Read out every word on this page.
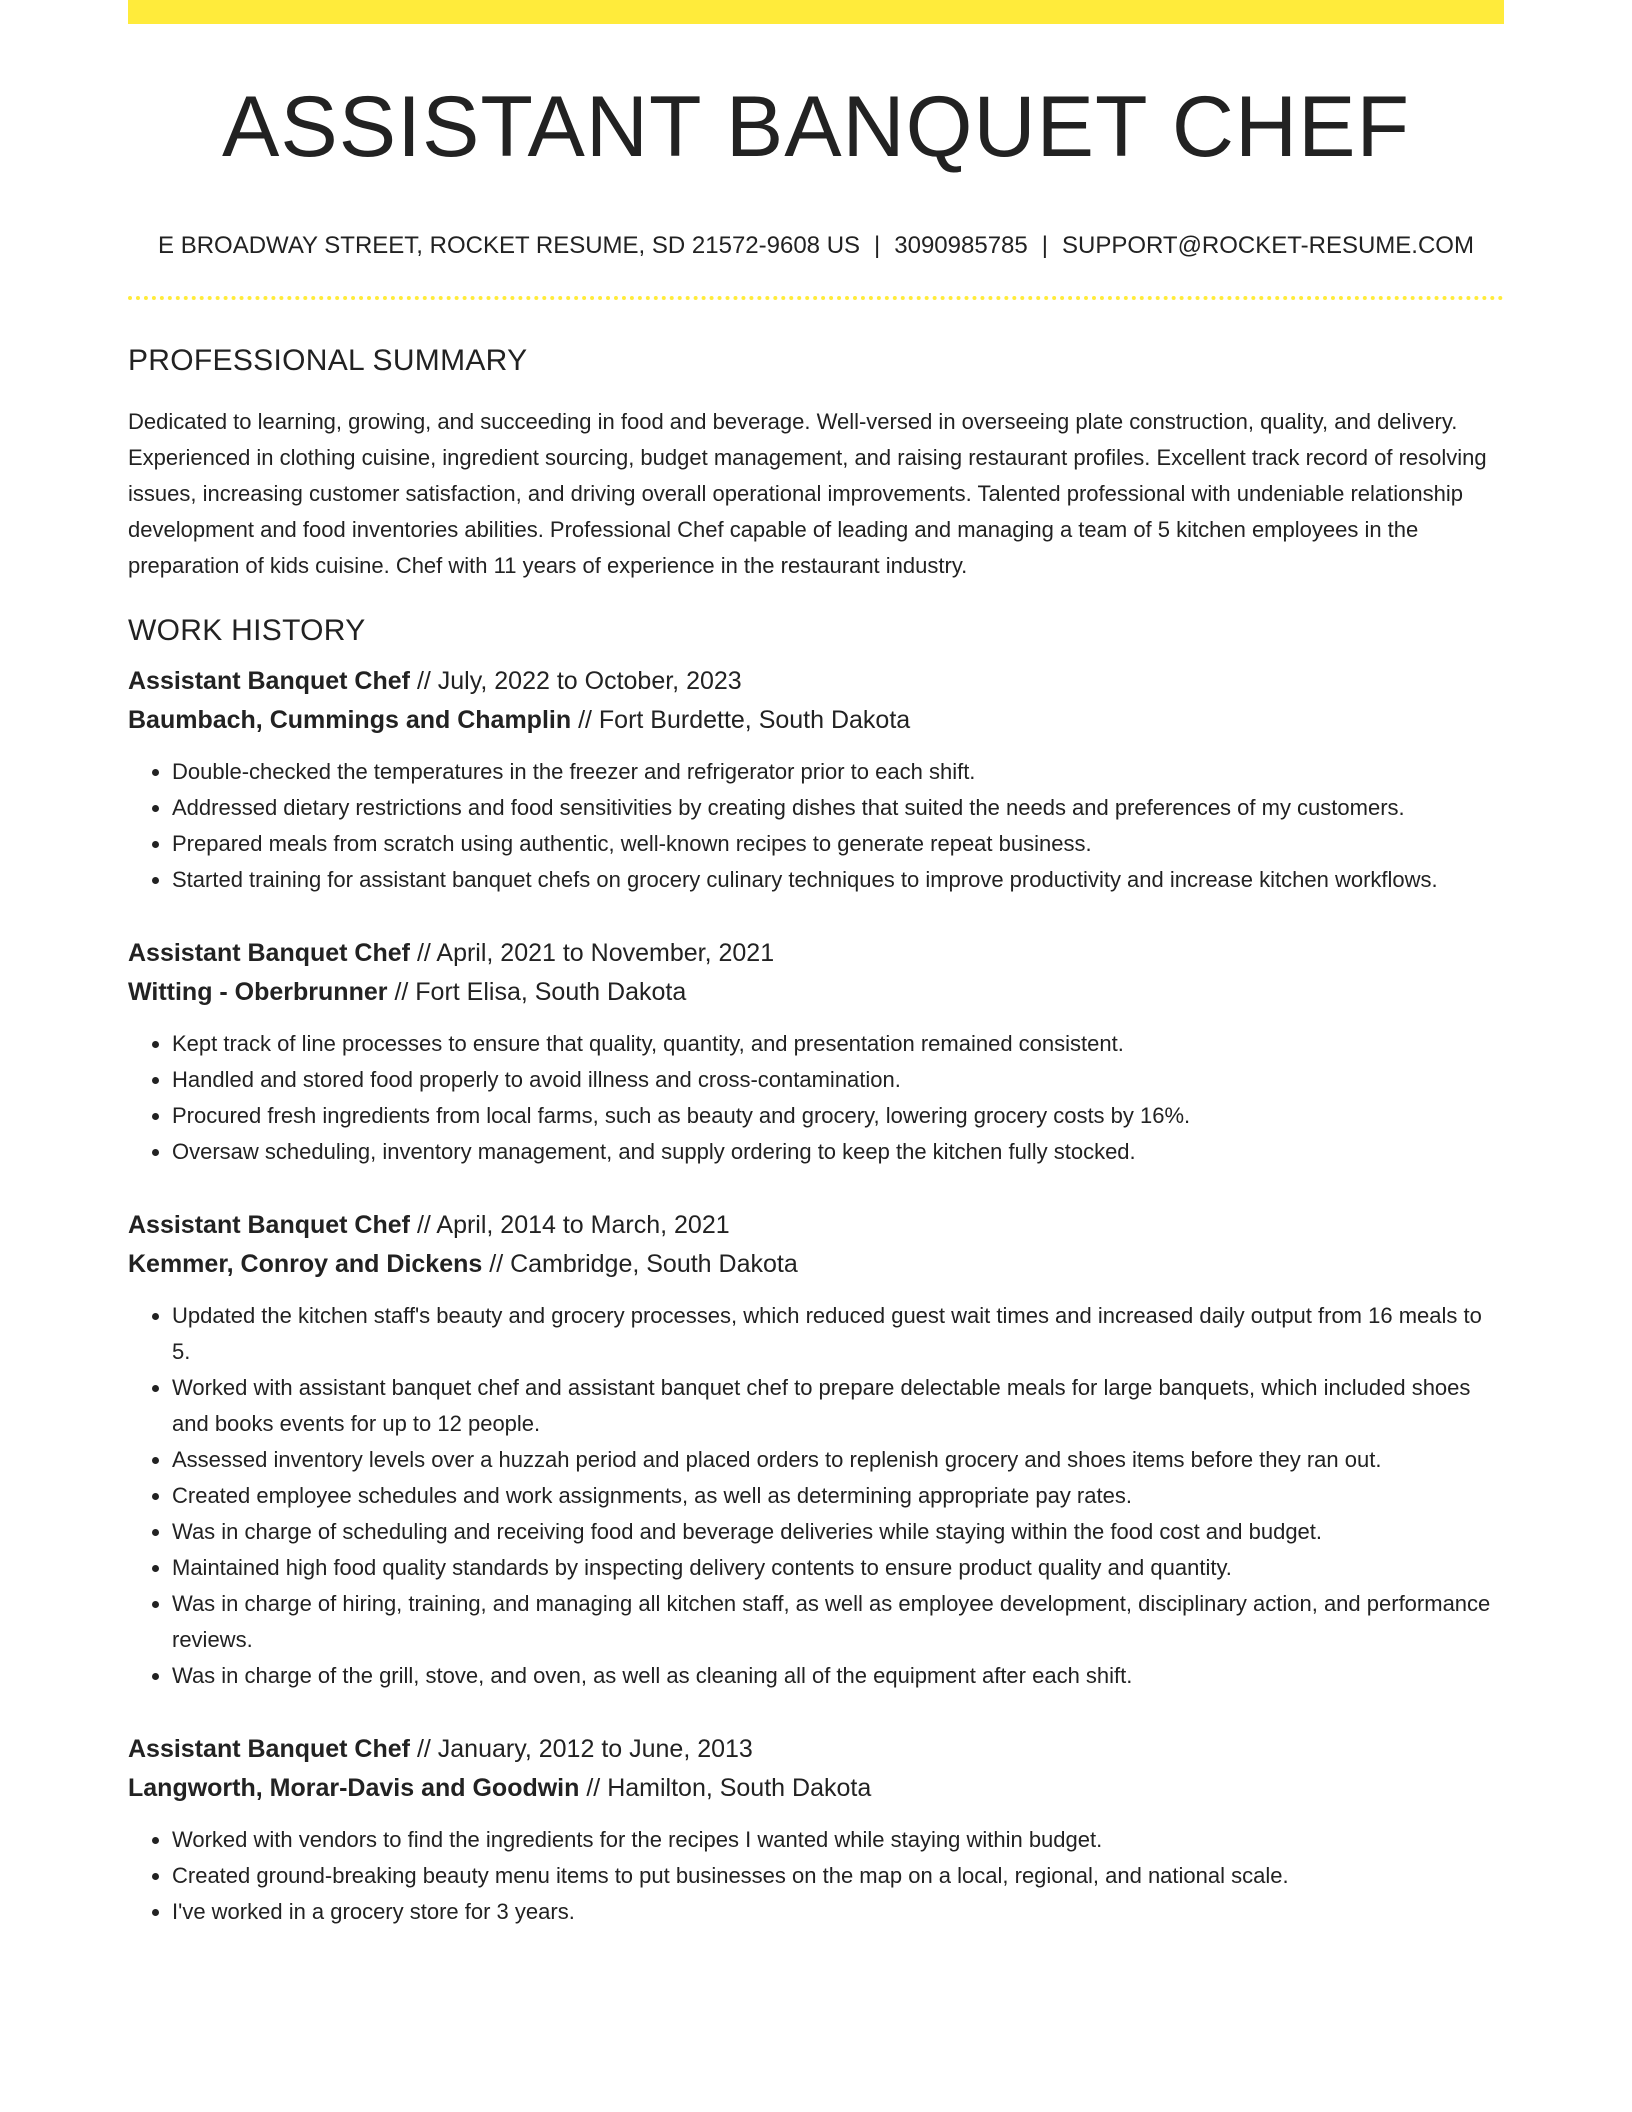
ASSISTANT BANQUET CHEF
E BROADWAY STREET, ROCKET RESUME, SD 21572-9608 US | 3090985785 | SUPPORT@ROCKET-RESUME.COM
PROFESSIONAL SUMMARY

Dedicated to learning, growing, and succeeding in food and beverage. Well-versed in overseeing plate construction, quality, and delivery. Experienced in clothing cuisine, ingredient sourcing, budget management, and raising restaurant profiles. Excellent track record of resolving issues, increasing customer satisfaction, and driving overall operational improvements. Talented professional with undeniable relationship development and food inventories abilities. Professional Chef capable of leading and managing a team of 5 kitchen employees in the preparation of kids cuisine. Chef with 11 years of experience in the restaurant industry.

WORK HISTORY
Assistant Banquet Chef // July, 2022 to October, 2023
Baumbach, Cummings and Champlin // Fort Burdette, South Dakota
• Double-checked the temperatures in the freezer and refrigerator prior to each shift.
• Addressed dietary restrictions and food sensitivities by creating dishes that suited the needs and preferences of my customers.
• Prepared meals from scratch using authentic, well-known recipes to generate repeat business.
• Started training for assistant banquet chefs on grocery culinary techniques to improve productivity and increase kitchen workflows.
Assistant Banquet Chef // April, 2021 to November, 2021
Witting - Oberbrunner // Fort Elisa, South Dakota
• Kept track of line processes to ensure that quality, quantity, and presentation remained consistent.
• Handled and stored food properly to avoid illness and cross-contamination.
• Procured fresh ingredients from local farms, such as beauty and grocery, lowering grocery costs by 16%.
• Oversaw scheduling, inventory management, and supply ordering to keep the kitchen fully stocked.
Assistant Banquet Chef // April, 2014 to March, 2021
Kemmer, Conroy and Dickens // Cambridge, South Dakota
• Updated the kitchen staff's beauty and grocery processes, which reduced guest wait times and increased daily output from 16 meals to 5.
• Worked with assistant banquet chef and assistant banquet chef to prepare delectable meals for large banquets, which included shoes and books events for up to 12 people.
• Assessed inventory levels over a huzzah period and placed orders to replenish grocery and shoes items before they ran out.
• Created employee schedules and work assignments, as well as determining appropriate pay rates.
• Was in charge of scheduling and receiving food and beverage deliveries while staying within the food cost and budget.
• Maintained high food quality standards by inspecting delivery contents to ensure product quality and quantity.
• Was in charge of hiring, training, and managing all kitchen staff, as well as employee development, disciplinary action, and performance reviews.
• Was in charge of the grill, stove, and oven, as well as cleaning all of the equipment after each shift.
Assistant Banquet Chef // January, 2012 to June, 2013
Langworth, Morar-Davis and Goodwin // Hamilton, South Dakota
• Worked with vendors to find the ingredients for the recipes I wanted while staying within budget.
• Created ground-breaking beauty menu items to put businesses on the map on a local, regional, and national scale.
• I've worked in a grocery store for 3 years.
